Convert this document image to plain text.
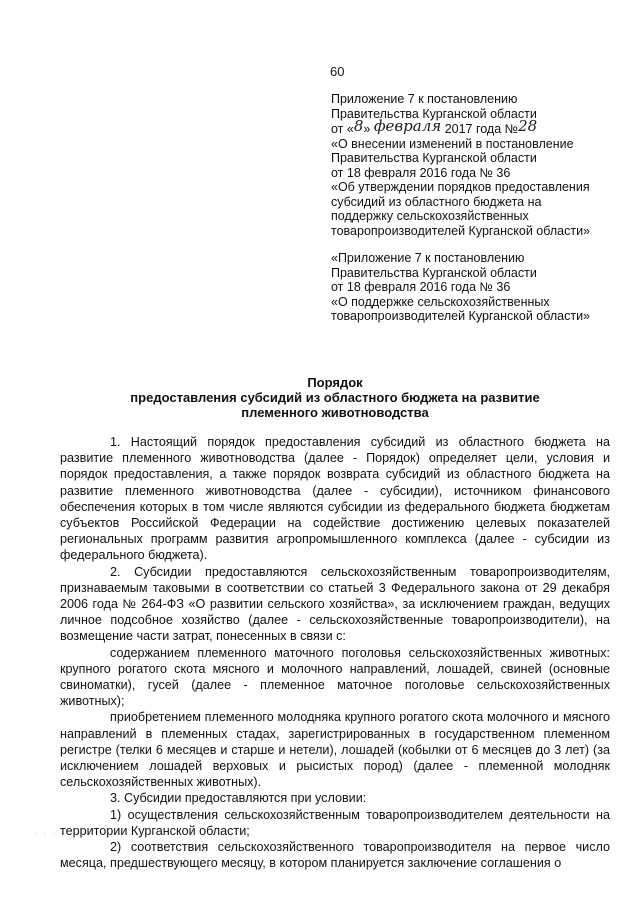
60
Приложение 7 к постановлению
Правительства Курганской области
от «8» февраля 2017 года №28
«О внесении изменений в постановление
Правительства Курганской области
от 18 февраля 2016 года № 36
«Об утверждении порядков предоставления
субсидий из областного бюджета на
поддержку сельскохозяйственных
товаропроизводителей Курганской области»
«Приложение 7 к постановлению
Правительства Курганской области
от 18 февраля 2016 года № 36
«О поддержке сельскохозяйственных
товаропроизводителей Курганской области»
Порядок
предоставления субсидий из областного бюджета на развитие
племенного животноводства

1. Настоящий порядок предоставления субсидий из областного бюджета на развитие племенного животноводства (далее - Порядок) определяет цели, условия и порядок предоставления, а также порядок возврата субсидий из областного бюджета на развитие племенного животноводства (далее - субсидии), источником финансового обеспечения которых в том числе являются субсидии из федерального бюджета бюджетам субъектов Российской Федерации на содействие достижению целевых показателей региональных программ развития агропромышленного комплекса (далее - субсидии из федерального бюджета).

2. Субсидии предоставляются сельскохозяйственным товаропроизводителям, признаваемым таковыми в соответствии со статьей 3 Федерального закона от 29 декабря 2006 года № 264-ФЗ «О развитии сельского хозяйства», за исключением граждан, ведущих личное подсобное хозяйство (далее - сельскохозяйственные товаропроизводители), на возмещение части затрат, понесенных в связи с:

содержанием племенного маточного поголовья сельскохозяйственных животных: крупного рогатого скота мясного и молочного направлений, лошадей, свиней (основные свиноматки), гусей (далее - племенное маточное поголовье сельскохозяйственных животных);

приобретением племенного молодняка крупного рогатого скота молочного и мясного направлений в племенных стадах, зарегистрированных в государственном племенном регистре (телки 6 месяцев и старше и нетели), лошадей (кобылки от 6 месяцев до 3 лет) (за исключением лошадей верховых и рысистых пород) (далее - племенной молодняк сельскохозяйственных животных).

3. Субсидии предоставляются при условии:

1) осуществления сельскохозяйственным товаропроизводителем деятельности на территории Курганской области;

2) соответствия сельскохозяйственного товаропроизводителя на первое число месяца, предшествующего месяцу, в котором планируется заключение соглашения о

· · · ·
